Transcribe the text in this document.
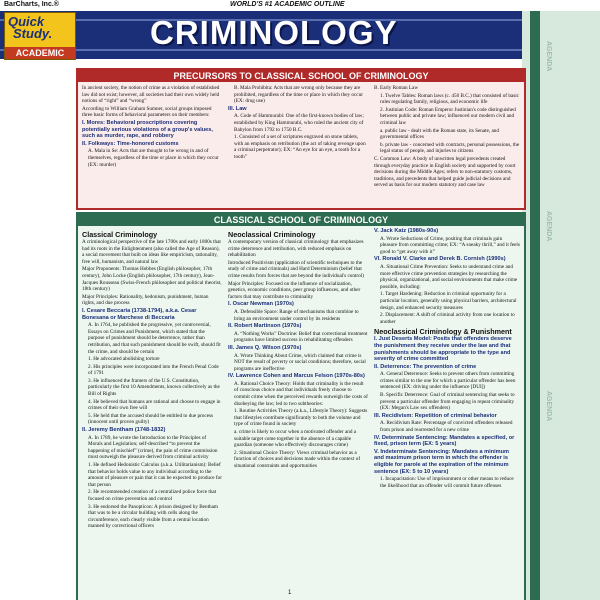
BarCharts, Inc.®	WORLD'S #1 ACADEMIC OUTLINE
Quick
Study.
ACADEMIC
CRIMINOLOGY
AGENDA
AGENDA
AGENDA
PRECURSORS TO CLASSICAL SCHOOL OF CRIMINOLOGY

In ancient society, the notion of crime as a violation of established law did not exist; however, all societies had their own widely held notions of “right” and “wrong”

According to William Graham Sumner, social groups imposed three basic forms of behavioral parameters on their members:

I. Mores: Behavioral proscriptions covering potentially serious violations of a group's values, such as murder, rape, and robbery

II. Folkways: Time-honored customs

A. Mala in Se: Acts that are thought to be wrong in and of themselves, regardless of the time or place in which they occur (EX: murder)

B. Mala Prohibita: Acts that are wrong only because they are prohibited, regardless of the time or place in which they occur (EX: drug use)

III. Law

A. Code of Hammurabi: One of the first-known bodies of law; established by King Hammurabi, who ruled the ancient city of Babylon from 1792 to 1750 B.C.

1. Consisted of a set of scriptures engraved on stone tablets, with an emphasis on retribution (the act of taking revenge upon a criminal perpetrator); EX: “An eye for an eye, a tooth for a tooth”

B. Early Roman Law

1. Twelve Tables: Roman laws (c. 450 B.C.) that consisted of basic rules regulating family, religious, and economic life

2. Justinian Code: Roman Emperor Justinian's code distinguished between public and private law; influenced our modern civil and criminal law

a. public law - dealt with the Roman state, its Senate, and governmental offices

b. private law - concerned with contracts, personal possessions, the legal status of people, and injuries to citizens

C. Common Law: A body of unwritten legal precedents created through everyday practice in English society and supported by court decisions during the Middle Ages; refers to non-statutory customs, traditions, and precedents that helped guide judicial decisions and served as basis for our modern statutory and case law

CLASSICAL SCHOOL OF CRIMINOLOGY
Classical Criminology

A criminological perspective of the late 1700s and early 1800s that had its roots in the Enlightenment (also called the Age of Reason), a social movement that built on ideas like empiricism, rationality, free will, humanism, and natural law

Major Proponents: Thomas Hobbes (English philosopher, 17th century), John Locke (English philosopher, 17th century), Jean-Jacques Rousseau (Swiss-French philosopher and political theorist, 18th century)

Major Principles: Rationality, hedonism, punishment, human rights, and due process

I. Cesare Beccaria (1738-1794), a.k.a. Cesar Bonesana or Marchese di Beccaria

A. In 1764, he published the progressive, yet controversial, Essays on Crimes and Punishment, which stated that the purpose of punishment should be deterrence, rather than retribution, and that such punishment should be swift, should fit the crime, and should be certain

1. He advocated abolishing torture

2. His principles were incorporated into the French Penal Code of 1791

3. He influenced the framers of the U.S. Constitution, particularly the first 10 Amendments, known collectively as the Bill of Rights

4. He believed that humans are rational and choose to engage in crimes of their own free will

5. He held that the accused should be entitled to due process (innocent until proven guilty)

II. Jeremy Bentham (1748-1832)

A. In 1789, he wrote the Introduction to the Principles of Morals and Legislation; self-described “to prevent the happening of mischief” (crime), the pain of crime commission must outweigh the pleasure derived from criminal activity

1. He defined Hedonistic Calculus (a.k.a. Utilitarianism): Belief that behavior holds value to any individual according to the amount of pleasure or pain that it can be expected to produce for that person

2. He recommended creation of a centralized police force that focused on crime prevention and control

3. He endorsed the Panopticon: A prison designed by Bentham that was to be a circular building with cells along the circumference, each clearly visible from a central location manned by correctional officers

Neoclassical Criminology

A contemporary version of classical criminology that emphasizes crime deterrence and retribution, with reduced emphasis on rehabilitation

Introduced Positivism (application of scientific techniques to the study of crime and criminals) and Hard Determinism (belief that crime results from forces that are beyond the individual's control)

Major Principles: Focused on the influence of socialization, genetics, economic conditions, peer group influences, and other factors that may contribute to criminality

I. Oscar Newman (1970s)

A. Defensible Space: Range of mechanisms that combine to bring an environment under control by its residents

II. Robert Martinson (1970s)

A. “Nothing Works” Doctrine: Belief that correctional treatment programs have limited success in rehabilitating offenders

III. James Q. Wilson (1970s)

A. Wrote Thinking About Crime, which claimed that crime is NOT the result of poverty or social conditions; therefore, social programs are ineffective

IV. Lawrence Cohen and Marcus Felson (1970s-80s)

A. Rational Choice Theory: Holds that criminality is the result of conscious choice and that individuals freely choose to commit crime when the perceived rewards outweigh the costs of disobeying the law; led to two subtheories:

1. Routine Activities Theory (a.k.a., Lifestyle Theory): Suggests that lifestyles contribute significantly to both the volume and type of crime found in society

a. crime is likely to occur when a motivated offender and a suitable target come together in the absence of a capable guardian (someone who effectively discourages crime)

2. Situational Choice Theory: Views criminal behavior as a function of choices and decisions made within the context of situational constraints and opportunities

V. Jack Katz (1980s-90s)

A. Wrote Seductions of Crime, positing that criminals gain pleasure from committing crime; EX: “A sneaky thrill,” and it feels good to “get away with it”

VI. Ronald V. Clarke and Derek B. Cornish (1990s)

A. Situational Crime Prevention: Seeks to understand crime and more effective crime prevention strategies by researching the physical, organizational, and social environments that make crime possible, including:

1. Target Hardening: Reduction in criminal opportunity for a particular location, generally using physical barriers, architectural design, and enhanced security measures

2. Displacement: A shift of criminal activity from one location to another

Neoclassical Criminology & Punishment

I. Just Deserts Model: Posits that offenders deserve the punishment they receive under the law and that punishments should be appropriate to the type and severity of crime committed

II. Deterrence: The prevention of crime

A. General Deterrence: Seeks to prevent others from committing crimes similar to the one for which a particular offender has been sentenced (EX: driving under the influence [DUI])

B. Specific Deterrence: Goal of criminal sentencing that seeks to prevent a particular offender from engaging in repeat criminality (EX: Megan's Law sex offenders)

III. Recidivism: Repetition of criminal behavior

A. Recidivism Rate: Percentage of convicted offenders released from prison and rearrested for a new crime

IV. Determinate Sentencing: Mandates a specified, or fixed, prison term (EX: 5 years)

V. Indeterminate Sentencing: Mandates a minimum and maximum prison term in which the offender is eligible for parole at the expiration of the minimum sentence (EX: 5 to 10 years)

1. Incapacitation: Use of imprisonment or other means to reduce the likelihood that an offender will commit future offenses

1
